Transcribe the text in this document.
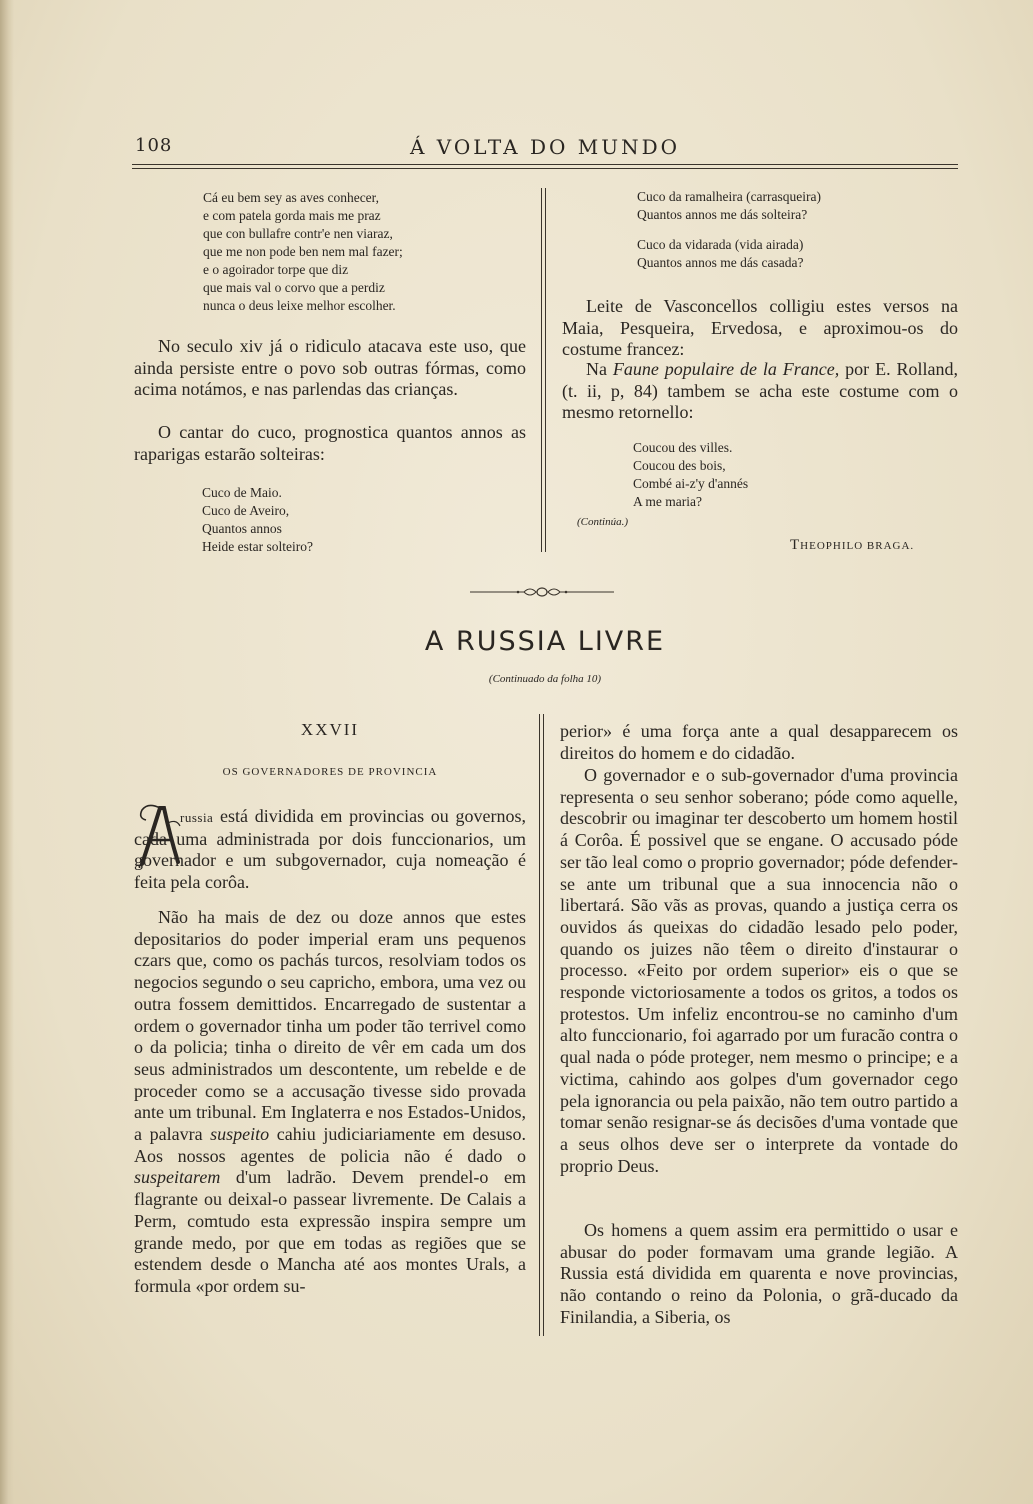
108	Á VOLTA DO MUNDO
Cá eu bem sey as aves conhecer,
e com patela gorda mais me praz
que con bullafre contr'e nen viaraz,
que me non pode ben nem mal fazer;
e o agoirador torpe que diz
que mais val o corvo que a perdiz
nunca o deus leixe melhor escolher.

No seculo xiv já o ridiculo atacava este uso, que ainda persiste entre o povo sob outras fórmas, como acima notámos, e nas parlendas das crianças.

O cantar do cuco, prognostica quantos annos as raparigas estarão solteiras:

Cuco de Maio.
Cuco de Aveiro,
Quantos annos
Heide estar solteiro?
Cuco da ramalheira (carrasqueira)
Quantos annos me dás solteira?
Cuco da vidarada (vida airada)
Quantos annos me dás casada?

Leite de Vasconcellos colligiu estes versos na Maia, Pesqueira, Ervedosa, e aproximou-os do costume francez:

Na Faune populaire de la France, por E. Rolland, (t. ii, p, 84) tambem se acha este costume com o mesmo retornello:

Coucou des villes.
Coucou des bois,
Combé ai-z'y d'annés
A me maria?
(Continúa.)
THEOPHILO BRAGA.
A RUSSIA LIVRE
(Continuado da folha 10)
XXVII
OS GOVERNADORES DE PROVINCIA

russia está dividida em provincias ou governos, cada uma administrada por dois funccionarios, um governador e um subgovernador, cuja nomeação é feita pela corôa.

Não ha mais de dez ou doze annos que estes depositarios do poder imperial eram uns pequenos czars que, como os pachás turcos, resolviam todos os negocios segundo o seu capricho, embora, uma vez ou outra fossem demittidos. Encarregado de sustentar a ordem o governador tinha um poder tão terrivel como o da policia; tinha o direito de vêr em cada um dos seus administrados um descontente, um rebelde e de proceder como se a accusação tivesse sido provada ante um tribunal. Em Inglaterra e nos Estados-Unidos, a palavra suspeito cahiu judiciariamente em desuso. Aos nossos agentes de policia não é dado o suspeitarem d'um ladrão. Devem prendel-o em flagrante ou deixal-o passear livremente. De Calais a Perm, comtudo esta expressão inspira sempre um grande medo, por que em todas as regiões que se estendem desde o Mancha até aos montes Urals, a formula «por ordem su-

perior» é uma força ante a qual desapparecem os direitos do homem e do cidadão.

O governador e o sub-governador d'uma provincia representa o seu senhor soberano; póde como aquelle, descobrir ou imaginar ter descoberto um homem hostil á Corôa. É possivel que se engane. O accusado póde ser tão leal como o proprio governador; póde defender-se ante um tribunal que a sua innocencia não o libertará. São vãs as provas, quando a justiça cerra os ouvidos ás queixas do cidadão lesado pelo poder, quando os juizes não têem o direito d'instaurar o processo. «Feito por ordem superior» eis o que se responde victoriosamente a todos os gritos, a todos os protestos. Um infeliz encontrou-se no caminho d'um alto funccionario, foi agarrado por um furacão contra o qual nada o póde proteger, nem mesmo o principe; e a victima, cahindo aos golpes d'um governador cego pela ignorancia ou pela paixão, não tem outro partido a tomar senão resignar-se ás decisões d'uma vontade que a seus olhos deve ser o interprete da vontade do proprio Deus.

Os homens a quem assim era permittido o usar e abusar do poder formavam uma grande legião. A Russia está dividida em quarenta e nove provincias, não contando o reino da Polonia, o grã-ducado da Finilandia, a Siberia, os
